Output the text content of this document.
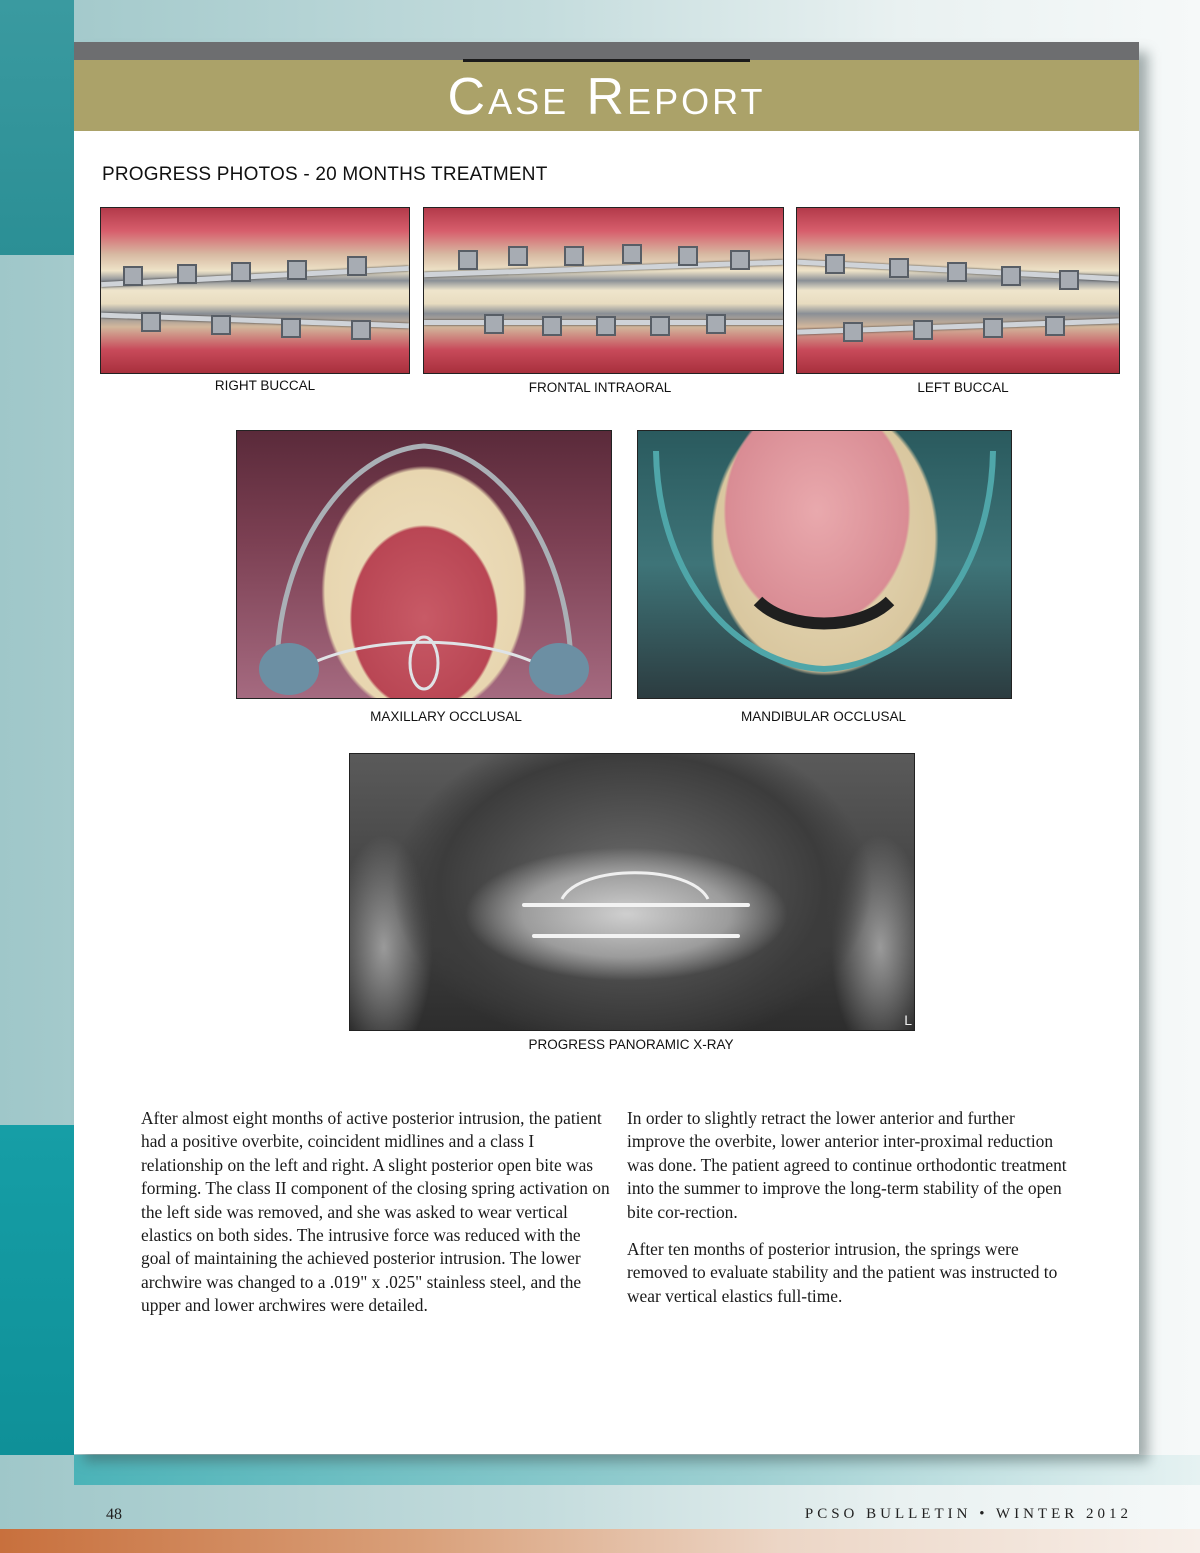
Case Report
PROGRESS PHOTOS - 20 MONTHS TREATMENT
RIGHT BUCCAL	FRONTAL INTRAORAL	LEFT BUCCAL
MAXILLARY OCCLUSAL	MANDIBULAR OCCLUSAL
L
PROGRESS PANORAMIC X-RAY

After almost eight months of active posterior intrusion, the patient had a positive overbite, coincident midlines and a class I relationship on the left and right. A slight posterior open bite was forming. The class II component of the closing spring activation on the left side was removed, and she was asked to wear vertical elastics on both sides. The intrusive force was reduced with the goal of maintaining the achieved posterior intrusion. The lower archwire was changed to a .019" x .025" stainless steel, and the upper and lower archwires were detailed.

In order to slightly retract the lower anterior and further improve the overbite, lower anterior inter-proximal reduction was done. The patient agreed to continue orthodontic treatment into the summer to improve the long-term stability of the open bite cor-rection.

After ten months of posterior intrusion, the springs were removed to evaluate stability and the patient was instructed to wear vertical elastics full-time.

48	PCSO BULLETIN • WINTER 2012
